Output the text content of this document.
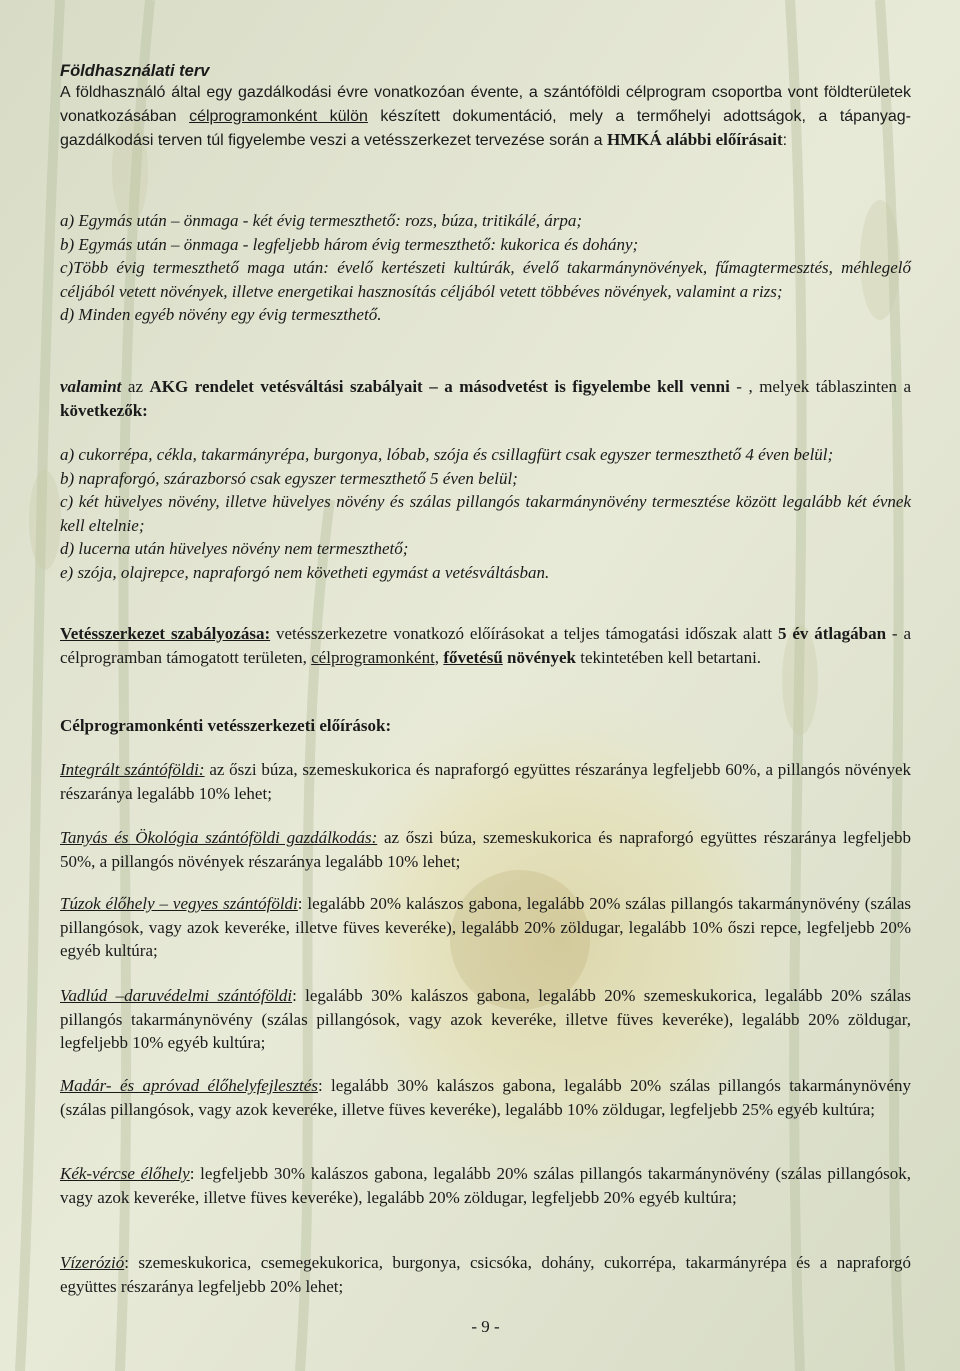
Földhasználati terv
A földhasználó által egy gazdálkodási évre vonatkozóan évente, a szántóföldi célprogram csoportba vont földterületek vonatkozásában célprogramonként külön készített dokumentáció, mely a termőhelyi adottságok, a tápanyag-gazdálkodási terven túl figyelembe veszi a vetésszerkezet tervezése során a HMKÁ alábbi előírásait:
a) Egymás után – önmaga - két évig termeszthető: rozs, búza, tritikálé, árpa;
b) Egymás után – önmaga - legfeljebb három évig termeszthető: kukorica és dohány;
c)Több évig termeszthető maga után: évelő kertészeti kultúrák, évelő takarmánynövények, fűmagtermesztés, méhlegelő céljából vetett növények, illetve energetikai hasznosítás céljából vetett többéves növények, valamint a rizs;
d) Minden egyéb növény egy évig termeszthető.
valamint az AKG rendelet vetésváltási szabályait – a másodvetést is figyelembe kell venni - , melyek táblaszinten a következők:
a) cukorrépa, cékla, takarmányrépa, burgonya, lóbab, szója és csillagfürt csak egyszer termeszthető 4 éven belül;
b) napraforgó, szárazborsó csak egyszer termeszthető 5 éven belül;
c) két hüvelyes növény, illetve hüvelyes növény és szálas pillangós takarmánynövény termesztése között legalább két évnek kell eltelnie;
d) lucerna után hüvelyes növény nem termeszthető;
e) szója, olajrepce, napraforgó nem követheti egymást a vetésváltásban.
Vetésszerkezet szabályozása: vetésszerkezetre vonatkozó előírásokat a teljes támogatási időszak alatt 5 év átlagában - a célprogramban támogatott területen, célprogramonként, fővetésű növények tekintetében kell betartani.
Célprogramonkénti vetésszerkezeti előírások:
Integrált szántóföldi: az őszi búza, szemeskukorica és napraforgó együttes részaránya legfeljebb 60%, a pillangós növények részaránya legalább 10% lehet;
Tanyás és Ökológia szántóföldi gazdálkodás: az őszi búza, szemeskukorica és napraforgó együttes részaránya legfeljebb 50%, a pillangós növények részaránya legalább 10% lehet;
Túzok élőhely – vegyes szántóföldi: legalább 20% kalászos gabona, legalább 20% szálas pillangós takarmánynövény (szálas pillangósok, vagy azok keveréke, illetve füves keveréke), legalább 20% zöldugar, legalább 10% őszi repce, legfeljebb 20% egyéb kultúra;
Vadlúd –daruvédelmi szántóföldi: legalább 30% kalászos gabona, legalább 20% szemeskukorica, legalább 20% szálas pillangós takarmánynövény (szálas pillangósok, vagy azok keveréke, illetve füves keveréke), legalább 20% zöldugar, legfeljebb 10% egyéb kultúra;
Madár- és apróvad élőhelyfejlesztés: legalább 30% kalászos gabona, legalább 20% szálas pillangós takarmánynövény (szálas pillangósok, vagy azok keveréke, illetve füves keveréke), legalább 10% zöldugar, legfeljebb 25% egyéb kultúra;
Kék-vércse élőhely: legfeljebb 30% kalászos gabona, legalább 20% szálas pillangós takarmánynövény (szálas pillangósok, vagy azok keveréke, illetve füves keveréke), legalább 20% zöldugar, legfeljebb 20% egyéb kultúra;
Vízerózió: szemeskukorica, csemegekukorica, burgonya, csicsóka, dohány, cukorrépa, takarmányrépa és a napraforgó együttes részaránya legfeljebb 20% lehet;
- 9 -
